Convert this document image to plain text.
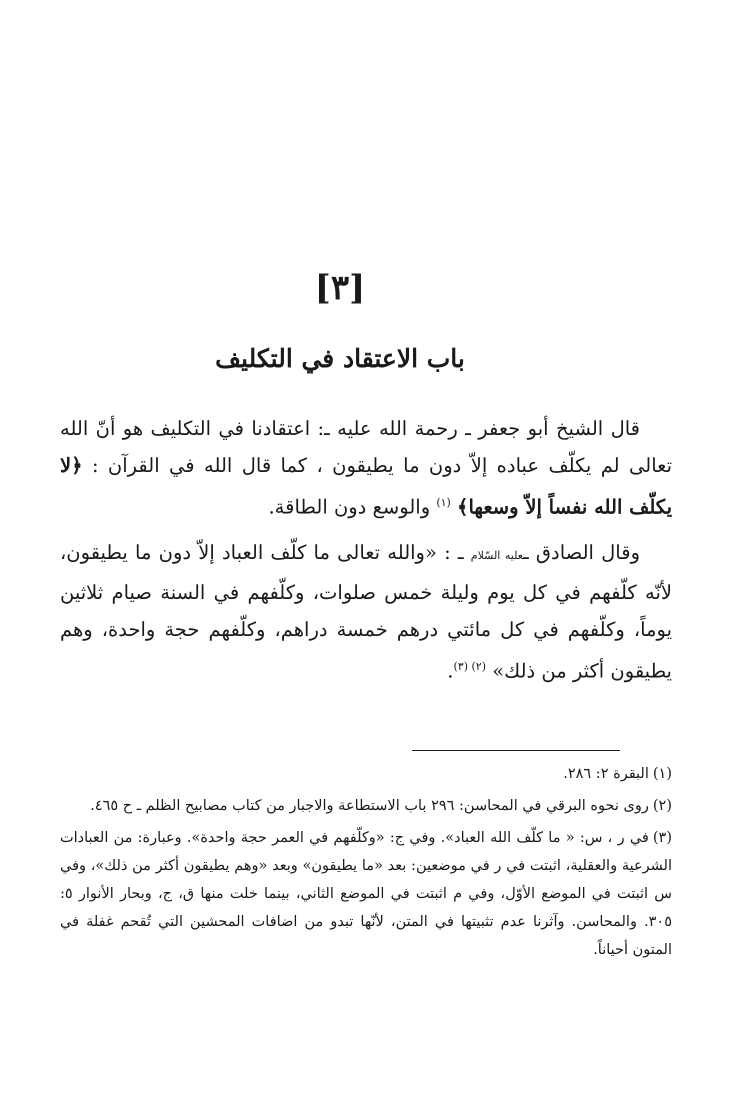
[٣]
باب الاعتقاد في التكليف

قال الشيخ أبو جعفر ـ رحمة الله عليه ـ: اعتقادنا في التكليف هو أنّ الله تعالى لم يكلّف عباده إلاّ دون ما يطيقون ، كما قال الله في القرآن : ﴿لا يكلّف الله نفساً إلاّ وسعها﴾ $^{(١)}$ والوسع دون الطاقة.

وقال الصادق ـعليه السّلام ـ : «والله تعالى ما كلّف العباد إلاّ دون ما يطيقون، لأنّه كلّفهم في كل يوم وليلة خمس صلوات، وكلّفهم في السنة صيام ثلاثين يوماً، وكلّفهم في كل مائتي درهم خمسة دراهم، وكلّفهم حجة واحدة، وهم يطيقون أكثر من ذلك» $^{(٢) (٣)}$.

(١)البقرة ٢: ٢٨٦.

(٢)روى نحوه البرقي في المحاسن: ٢٩٦ باب الاستطاعة والاجبار من كتاب مصابيح الظلم ـ ح ٤٦٥.

(٣)في ر ، س: « ما كلّف الله العباد». وفي ج: «وكلّفهم في العمر حجة واحدة». وعبارة: من العبادات الشرعية والعقلية، اثبتت في ر في موضعين: بعد «ما يطيقون» وبعد «وهم يطيقون أكثر من ذلك»، وفي س اثبتت في الموضع الأوّل، وفي م اثبتت في الموضع الثاني، بينما خلت منها ق، ج، وبحار الأنوار ٥: ٣٠٥. والمحاسن. وآثرنا عدم تثبيتها في المتن، لأنّها تبدو من اضافات المحشين التي تُقحم غفلة في المتون أحياناً.
